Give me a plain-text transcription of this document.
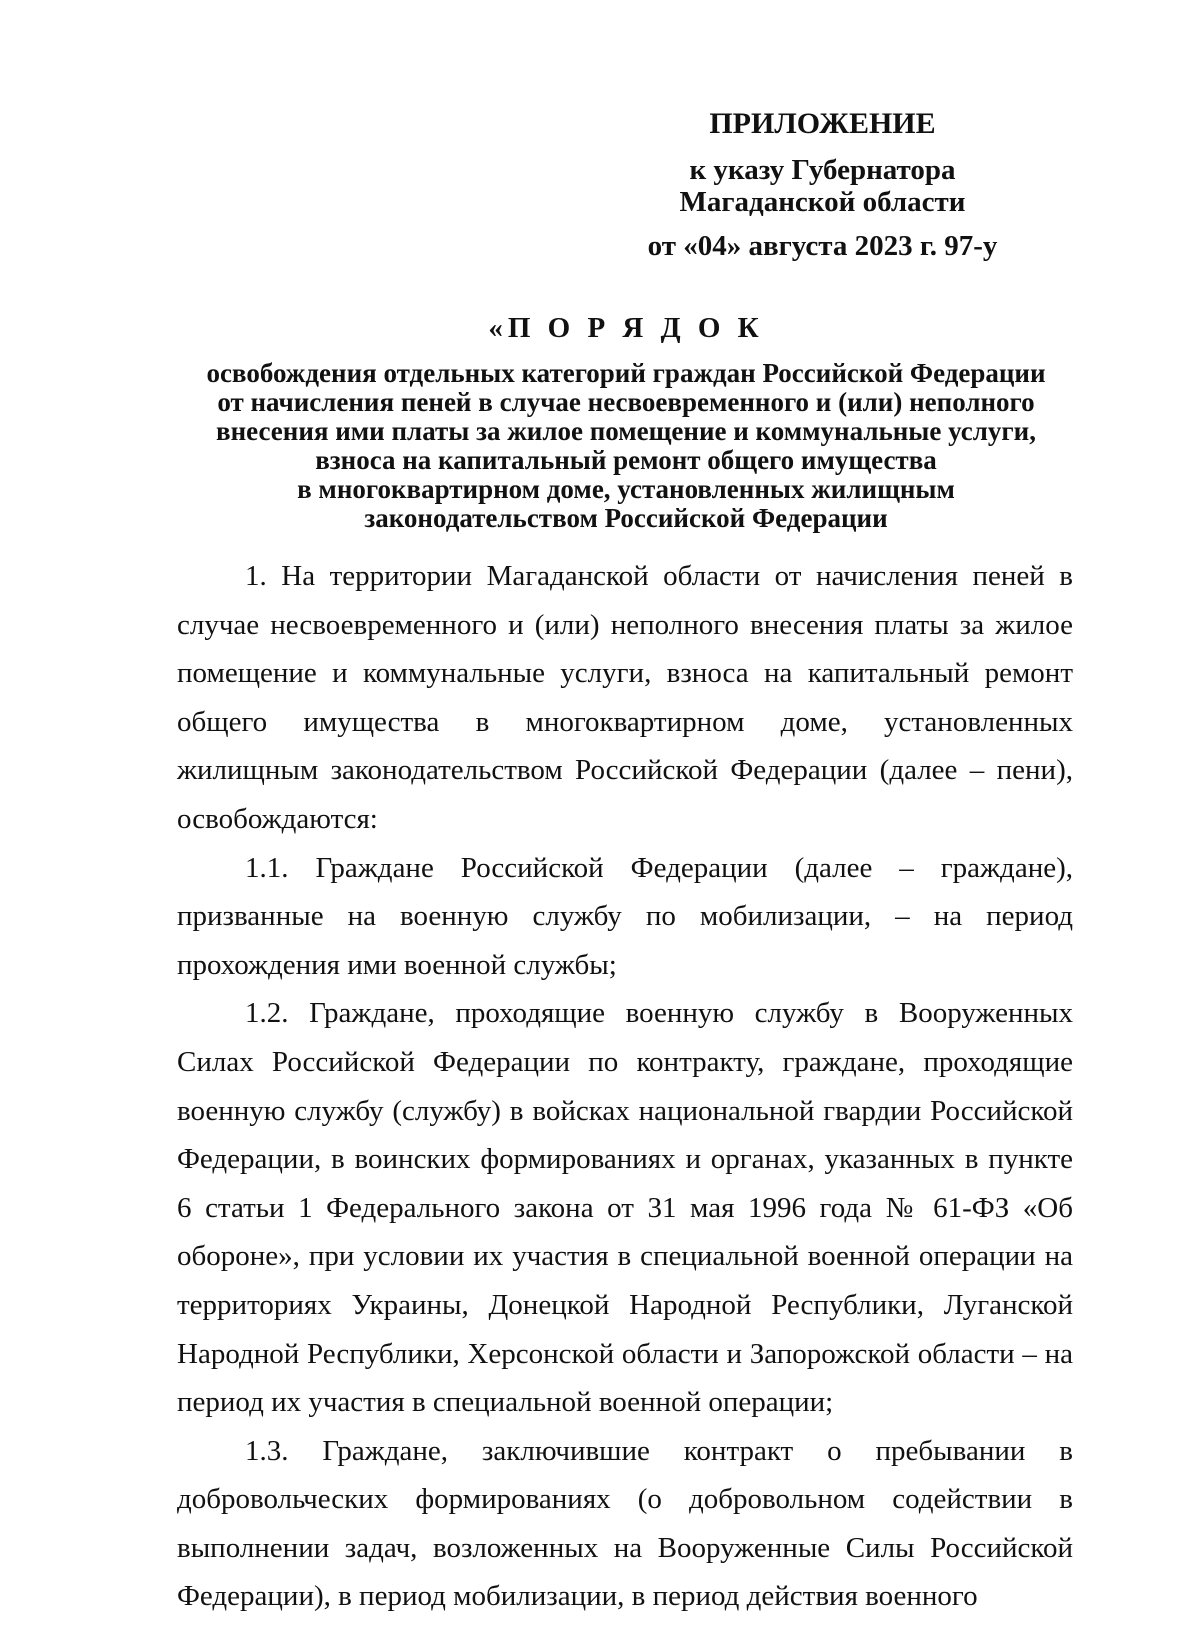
ПРИЛОЖЕНИЕ
к указу Губернатора
Магаданской области
от «04» августа 2023 г. 97-у
«П О Р Я Д О К
освобождения отдельных категорий граждан Российской Федерации
от начисления пеней в случае несвоевременного и (или) неполного
внесения ими платы за жилое помещение и коммунальные услуги,
взноса на капитальный ремонт общего имущества
в многоквартирном доме, установленных жилищным
законодательством Российской Федерации

1. На территории Магаданской области от начисления пеней в случае несвоевременного и (или) неполного внесения платы за жилое помещение и коммунальные услуги, взноса на капитальный ремонт общего имущества в многоквартирном доме, установленных жилищным законодательством Российской Федерации (далее – пени), освобождаются:

1.1. Граждане Российской Федерации (далее – граждане), призванные на военную службу по мобилизации, – на период прохождения ими военной службы;

1.2. Граждане, проходящие военную службу в Вооруженных Силах Российской Федерации по контракту, граждане, проходящие военную службу (службу) в войсках национальной гвардии Российской Федерации, в воинских формированиях и органах, указанных в пункте 6 статьи 1 Федерального закона от 31 мая 1996 года № 61-ФЗ «Об обороне», при условии их участия в специальной военной операции на территориях Украины, Донецкой Народной Республики, Луганской Народной Республики, Херсонской области и Запорожской области – на период их участия в специальной военной операции;

1.3. Граждане, заключившие контракт о пребывании в добровольческих формированиях (о добровольном содействии в выполнении задач, возложенных на Вооруженные Силы Российской Федерации), в период мобилизации, в период действия военного
